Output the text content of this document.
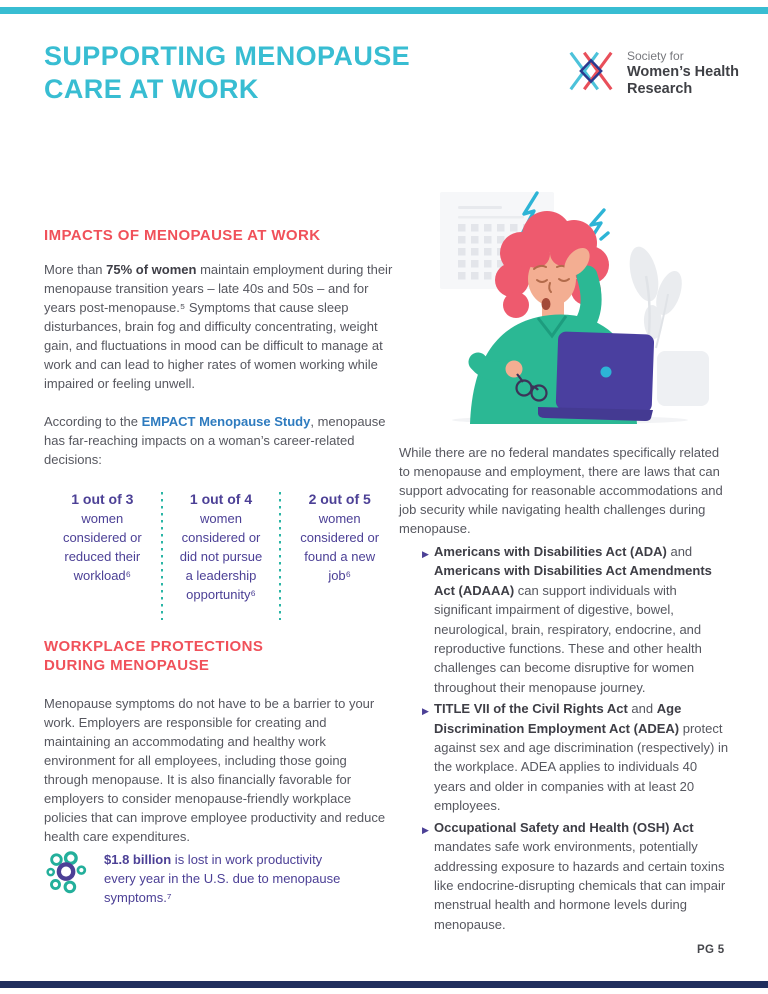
SUPPORTING MENOPAUSE
CARE AT WORK
Society for
Women’s Health
Research
IMPACTS OF MENOPAUSE AT WORK
More than 75% of women maintain employment during their menopause transition years – late 40s and 50s – and for years post-menopause.⁵ Symptoms that cause sleep disturbances, brain fog and difficulty concentrating, weight gain, and fluctuations in mood can be difficult to manage at work and can lead to higher rates of women working while impaired or feeling unwell.
According to the EMPACT Menopause Study, menopause has far-reaching impacts on a woman’s career-related decisions:
1 out of 3
women considered or reduced their workload⁶
1 out of 4
women considered or did not pursue a leadership opportunity⁶
2 out of 5
women considered or found a new job⁶
WORKPLACE PROTECTIONS
DURING MENOPAUSE
Menopause symptoms do not have to be a barrier to your work. Employers are responsible for creating and maintaining an accommodating and healthy work environment for all employees, including those going through menopause. It is also financially favorable for employers to consider menopause-friendly workplace policies that can improve employee productivity and reduce health care expenditures.
$1.8 billion is lost in work productivity every year in the U.S. due to menopause symptoms.⁷
While there are no federal mandates specifically related to menopause and employment, there are laws that can support advocating for reasonable accommodations and job security while navigating health challenges during menopause.
▶ Americans with Disabilities Act (ADA) and Americans with Disabilities Act Amendments Act (ADAAA) can support individuals with significant impairment of digestive, bowel, neurological, brain, respiratory, endocrine, and reproductive functions. These and other health challenges can become disruptive for women throughout their menopause journey.
▶ TITLE VII of the Civil Rights Act and Age Discrimination Employment Act (ADEA) protect against sex and age discrimination (respectively) in the workplace. ADEA applies to individuals 40 years and older in companies with at least 20 employees.
▶ Occupational Safety and Health (OSH) Act mandates safe work environments, potentially addressing exposure to hazards and certain toxins like endocrine-disrupting chemicals that can impair menstrual health and hormone levels during menopause.
PG 5
